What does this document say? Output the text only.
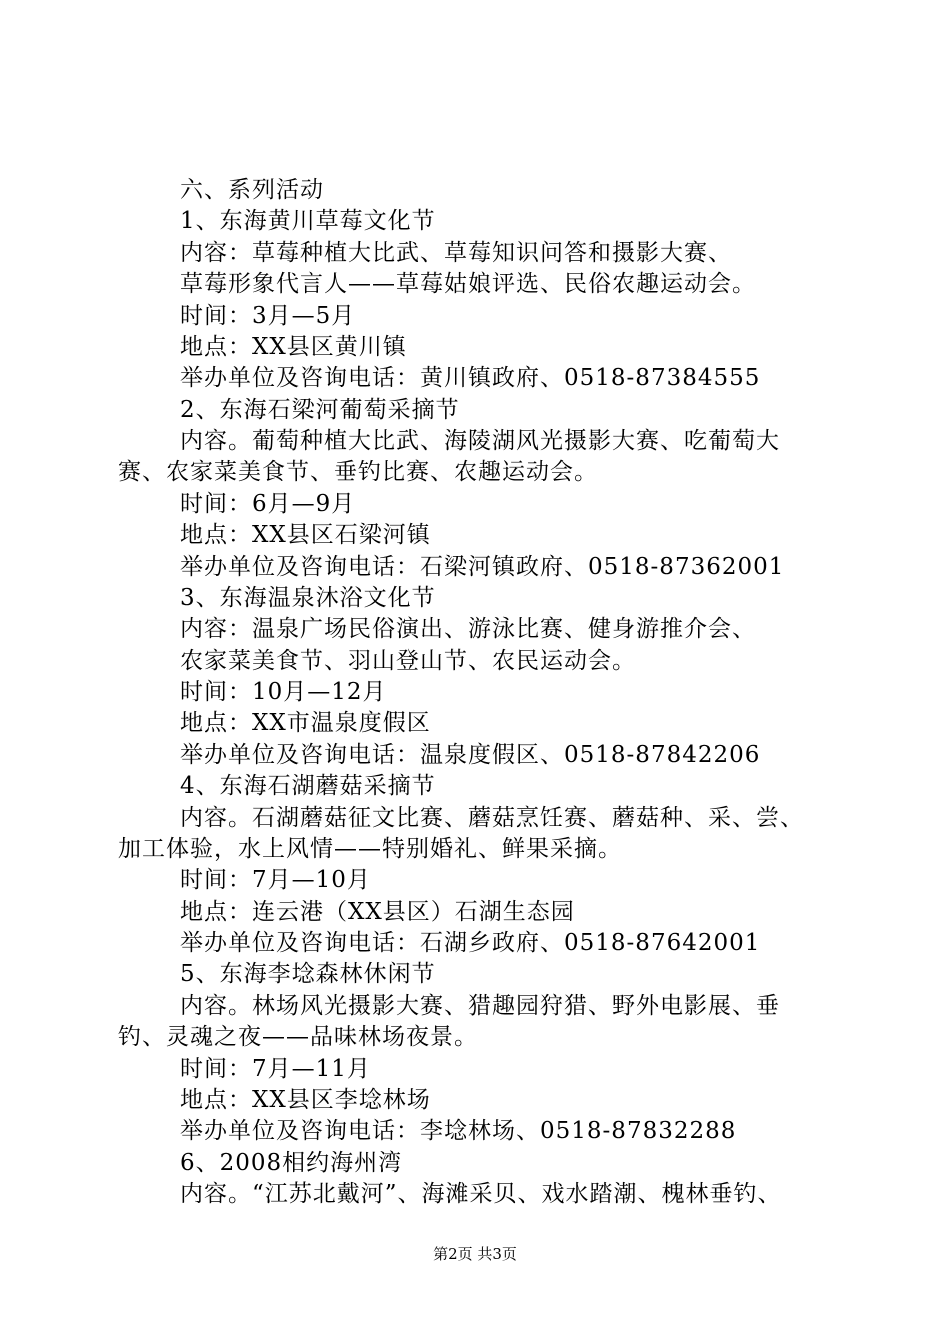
六、系列活动
1、东海黄川草莓文化节
内容：草莓种植大比武、草莓知识问答和摄影大赛、
草莓形象代言人——草莓姑娘评选、民俗农趣运动会。
时间：3月—5月
地点：XX县区黄川镇
举办单位及咨询电话：黄川镇政府、0518-87384555
2、东海石梁河葡萄采摘节
内容。葡萄种植大比武、海陵湖风光摄影大赛、吃葡萄大
赛、农家菜美食节、垂钓比赛、农趣运动会。
时间：6月—9月
地点：XX县区石梁河镇
举办单位及咨询电话：石梁河镇政府、0518-87362001
3、东海温泉沐浴文化节
内容：温泉广场民俗演出、游泳比赛、健身游推介会、
农家菜美食节、羽山登山节、农民运动会。
时间：10月—12月
地点：XX市温泉度假区
举办单位及咨询电话：温泉度假区、0518-87842206
4、东海石湖蘑菇采摘节
内容。石湖蘑菇征文比赛、蘑菇烹饪赛、蘑菇种、采、尝、
加工体验，水上风情——特别婚礼、鲜果采摘。
时间：7月—10月
地点：连云港（XX县区）石湖生态园
举办单位及咨询电话：石湖乡政府、0518-87642001
5、东海李埝森林休闲节
内容。林场风光摄影大赛、猎趣园狩猎、野外电影展、垂
钓、灵魂之夜——品味林场夜景。
时间：7月—11月
地点：XX县区李埝林场
举办单位及咨询电话：李埝林场、0518-87832288
6、2008相约海州湾
内容。“江苏北戴河”、海滩采贝、戏水踏潮、槐林垂钓、
第2页 共3页
